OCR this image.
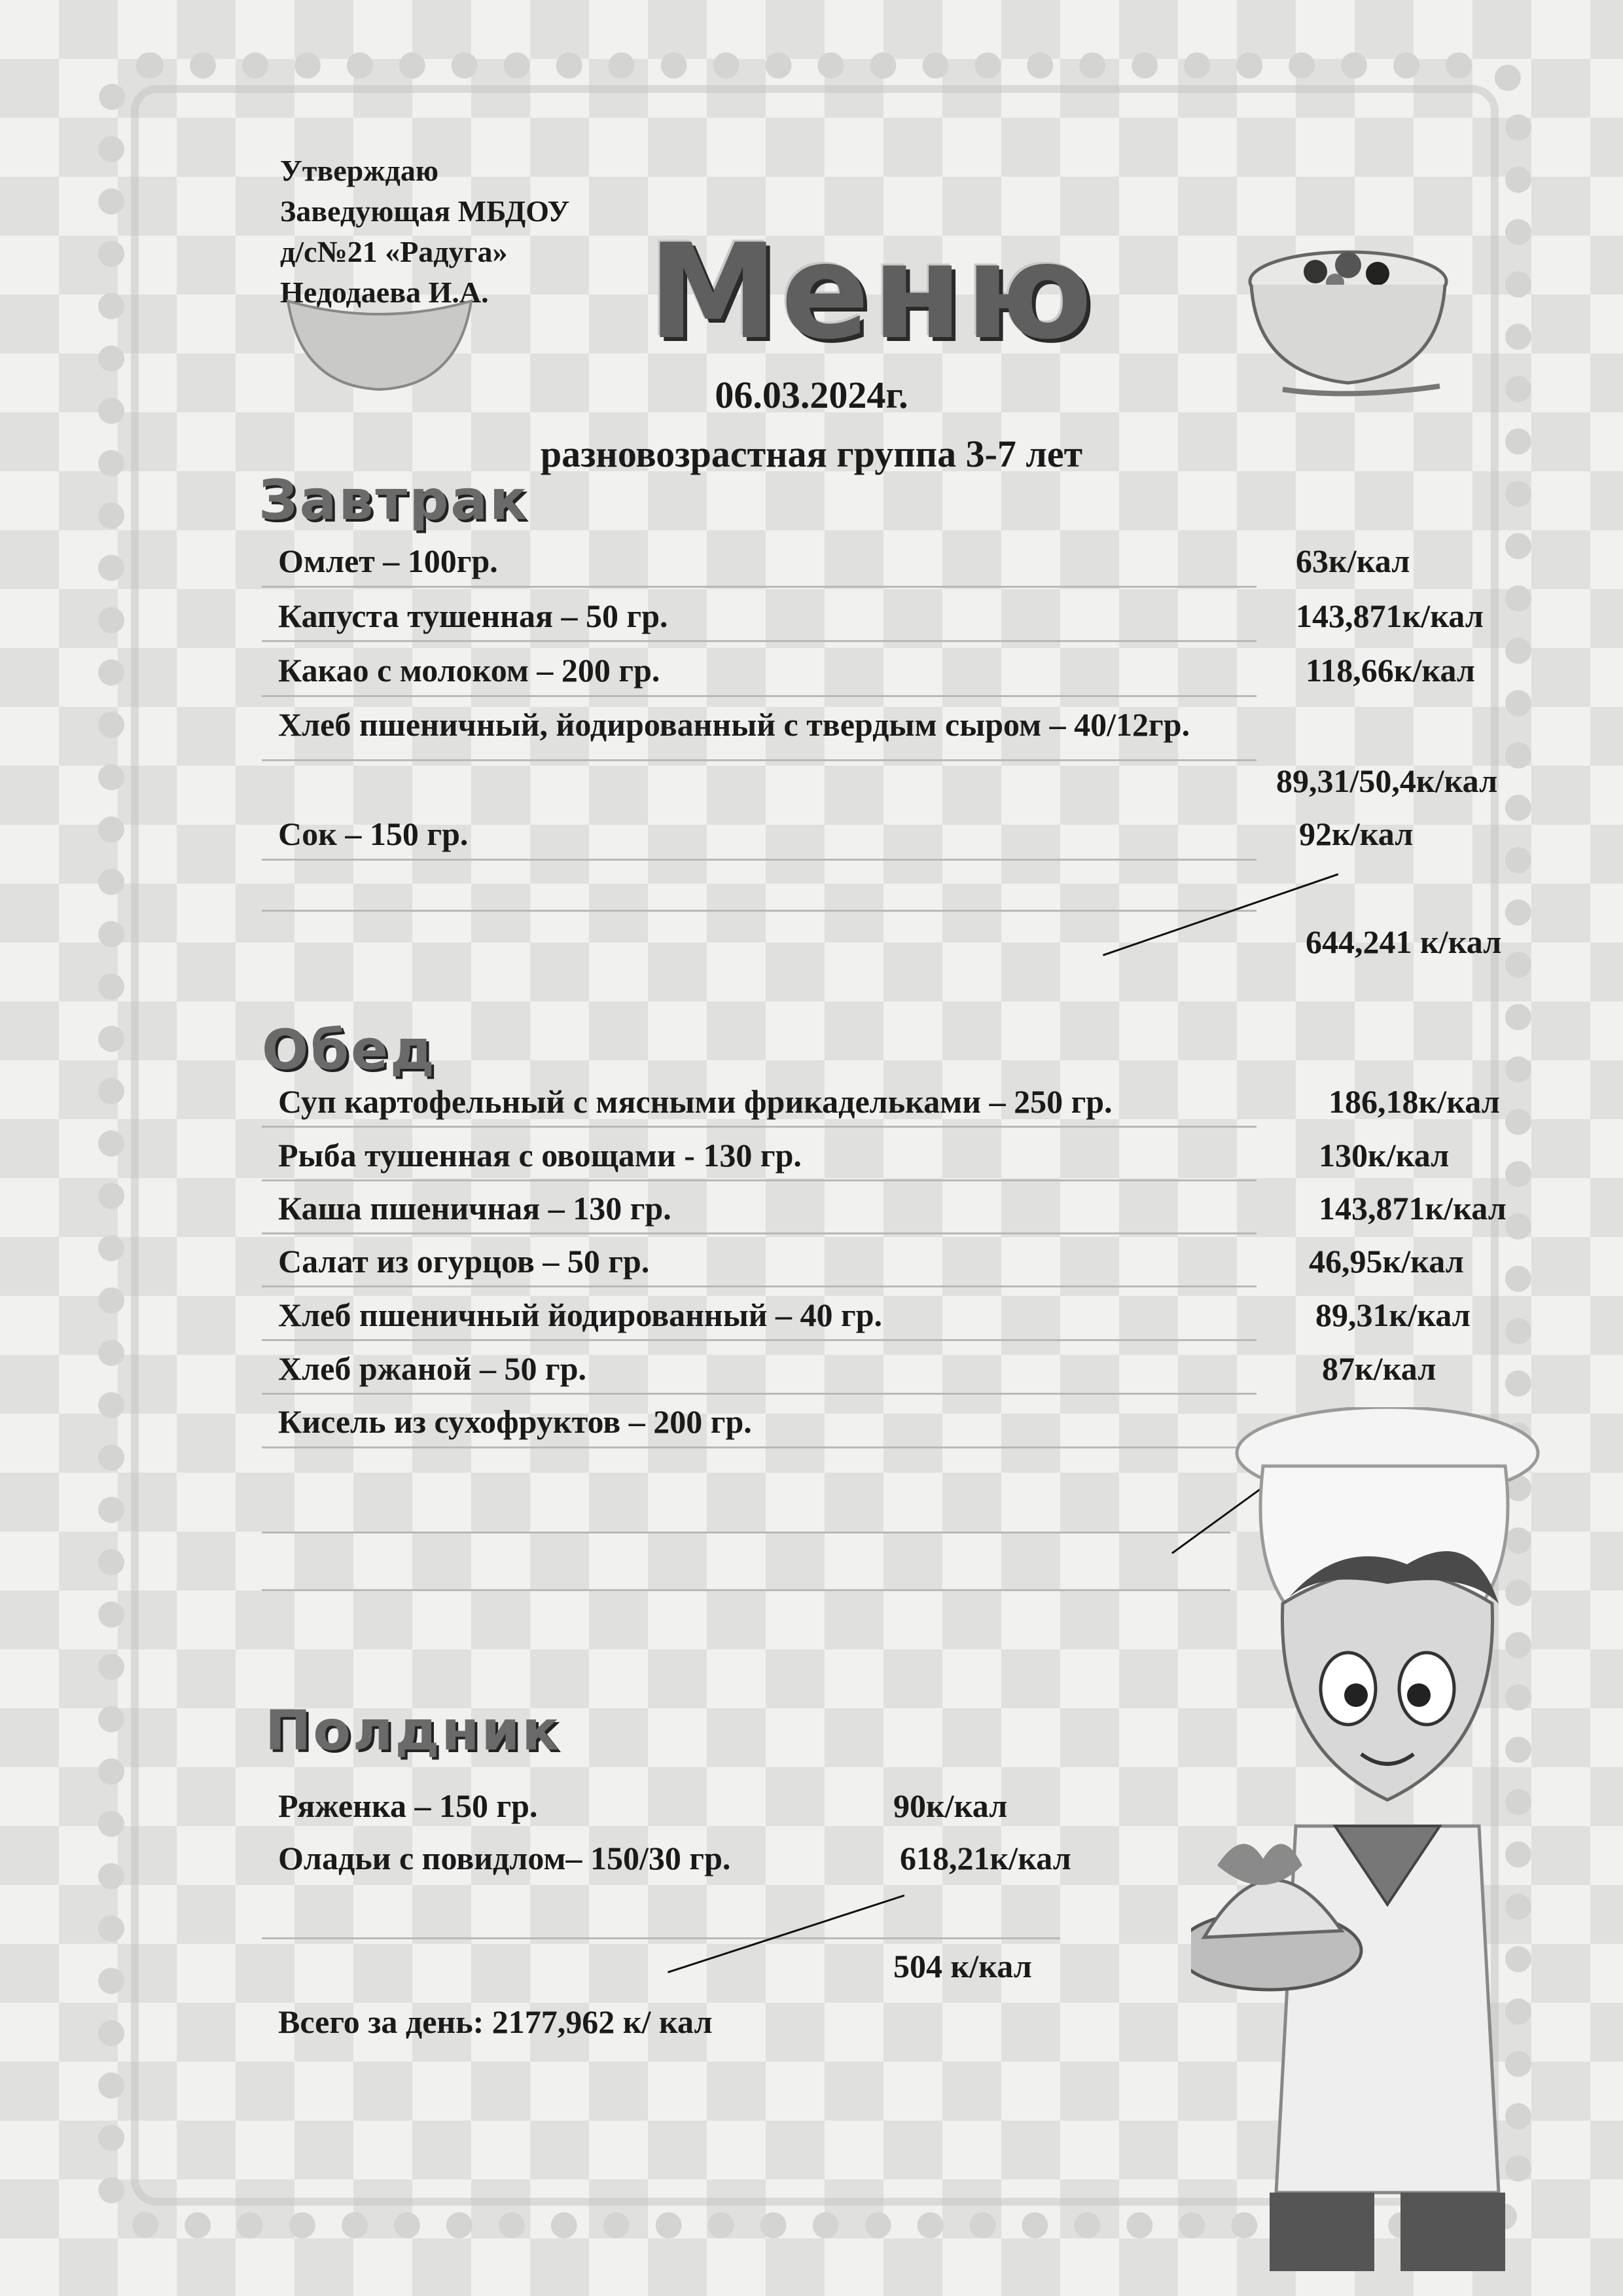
Утверждаю
Заведующая МБДОУ
д/с№21 «Радуга»
Недодаева И.А.	Меню
06.03.2024г.
разновозрастная группа 3-7 лет
Завтрак
Омлет – 100гр.	63к/кал
Капуста тушенная – 50 гр.	143,871к/кал
Какао с молоком – 200 гр.	118,66к/кал
Хлеб пшеничный, йодированный с твердым сыром – 40/12гр.
89,31/50,4к/кал
Сок – 150 гр.	92к/кал
644,241 к/кал
Обед
Суп картофельный с мясными фрикадельками – 250 гр.	186,18к/кал
Рыба тушенная с овощами - 130 гр.	130к/кал
Каша пшеничная – 130 гр.	143,871к/кал
Салат из огурцов – 50 гр.	46,95к/кал
Хлеб пшеничный йодированный – 40 гр.	89,31к/кал
Хлеб ржаной – 50 гр.	87к/кал
Кисель из сухофруктов – 200 гр.
Полдник
Ряженка – 150 гр.	90к/кал
Оладьи с повидлом– 150/30 гр.	618,21к/кал
504 к/кал
Всего за день: 2177,962 к/ кал
